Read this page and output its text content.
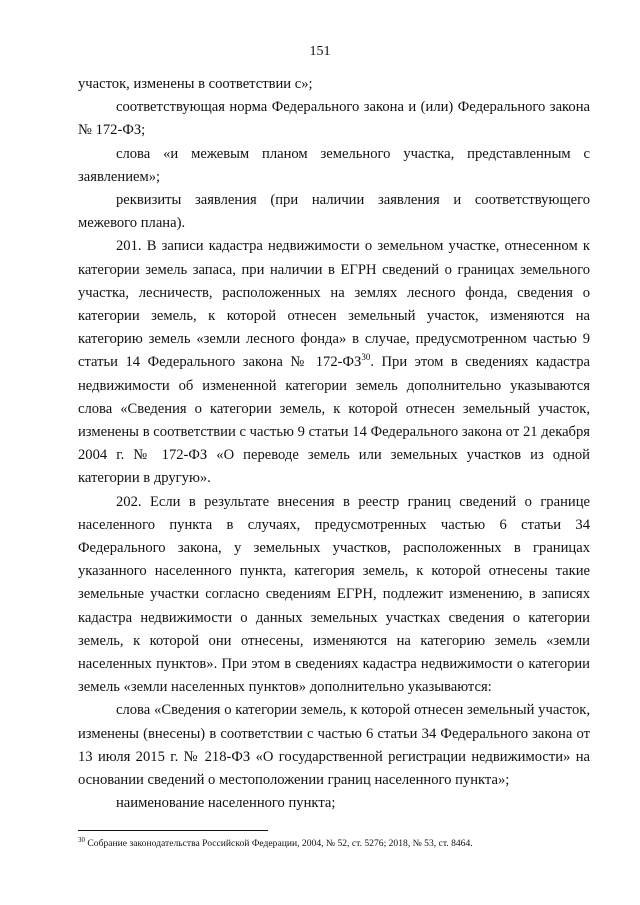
151

участок, изменены в соответствии с»;

соответствующая норма Федерального закона и (или) Федерального закона № 172-ФЗ;

слова «и межевым планом земельного участка, представленным с заявлением»;

реквизиты заявления (при наличии заявления и соответствующего межевого плана).

201. В записи кадастра недвижимости о земельном участке, отнесенном к категории земель запаса, при наличии в ЕГРН сведений о границах земельного участка, лесничеств, расположенных на землях лесного фонда, сведения о категории земель, к которой отнесен земельный участок, изменяются на категорию земель «земли лесного фонда» в случае, предусмотренном частью 9 статьи 14 Федерального закона № 172-ФЗ$^{30}$. При этом в сведениях кадастра недвижимости об измененной категории земель дополнительно указываются слова «Сведения о категории земель, к которой отнесен земельный участок, изменены в соответствии с частью 9 статьи 14 Федерального закона от 21 декабря 2004 г. № 172-ФЗ «О переводе земель или земельных участков из одной категории в другую».

202. Если в результате внесения в реестр границ сведений о границе населенного пункта в случаях, предусмотренных частью 6 статьи 34 Федерального закона, у земельных участков, расположенных в границах указанного населенного пункта, категория земель, к которой отнесены такие земельные участки согласно сведениям ЕГРН, подлежит изменению, в записях кадастра недвижимости о данных земельных участках сведения о категории земель, к которой они отнесены, изменяются на категорию земель «земли населенных пунктов». При этом в сведениях кадастра недвижимости о категории земель «земли населенных пунктов» дополнительно указываются:

слова «Сведения о категории земель, к которой отнесен земельный участок, изменены (внесены) в соответствии с частью 6 статьи 34 Федерального закона от 13 июля 2015 г. № 218-ФЗ «О государственной регистрации недвижимости» на основании сведений о местоположении границ населенного пункта»;

наименование населенного пункта;

$^{30}$ Собрание законодательства Российской Федерации, 2004, № 52, ст. 5276; 2018, № 53, ст. 8464.
